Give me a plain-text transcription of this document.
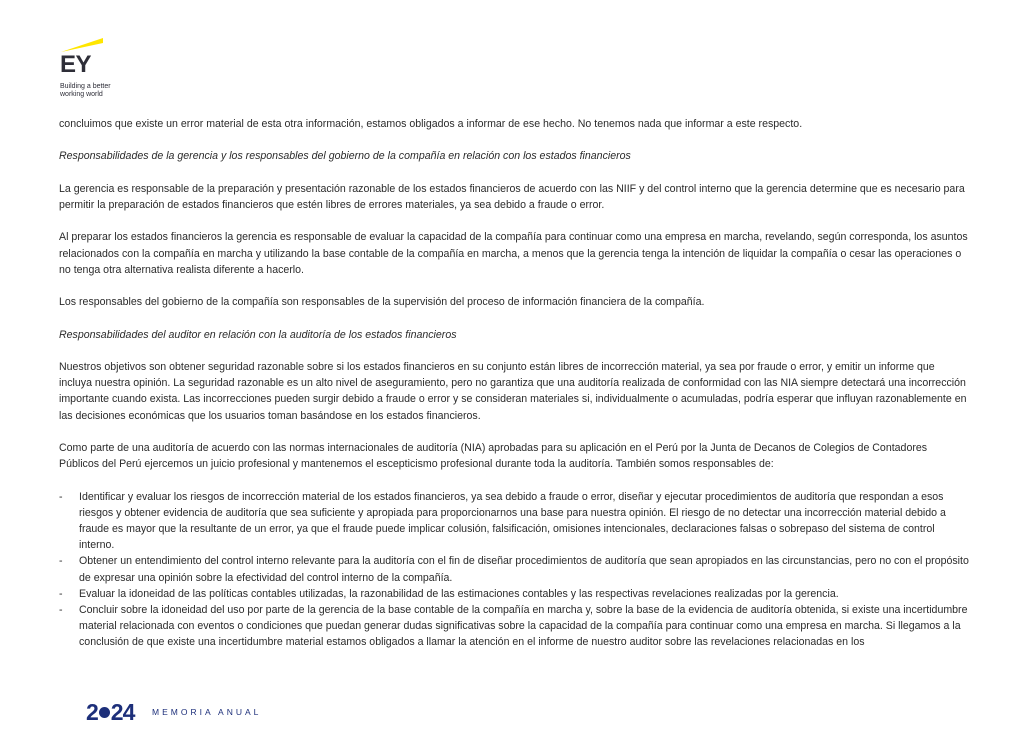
EY
Building a better
working world

concluimos que existe un error material de esta otra información, estamos obligados a informar de ese hecho. No tenemos nada que informar a este respecto.

Responsabilidades de la gerencia y los responsables del gobierno de la compañía en relación con los estados financieros

La gerencia es responsable de la preparación y presentación razonable de los estados financieros de acuerdo con las NIIF y del control interno que la gerencia determine que es necesario para permitir la preparación de estados financieros que estén libres de errores materiales, ya sea debido a fraude o error.

Al preparar los estados financieros la gerencia es responsable de evaluar la capacidad de la compañía para continuar como una empresa en marcha, revelando, según corresponda, los asuntos relacionados con la compañía en marcha y utilizando la base contable de la compañía en marcha, a menos que la gerencia tenga la intención de liquidar la compañía o cesar las operaciones o no tenga otra alternativa realista diferente a hacerlo.

Los responsables del gobierno de la compañía son responsables de la supervisión del proceso de información financiera de la compañía.

Responsabilidades del auditor en relación con la auditoría de los estados financieros

Nuestros objetivos son obtener seguridad razonable sobre si los estados financieros en su conjunto están libres de incorrección material, ya sea por fraude o error, y emitir un informe que incluya nuestra opinión. La seguridad razonable es un alto nivel de aseguramiento, pero no garantiza que una auditoría realizada de conformidad con las NIA siempre detectará una incorrección importante cuando exista. Las incorrecciones pueden surgir debido a fraude o error y se consideran materiales si, individualmente o acumuladas, podría esperar que influyan razonablemente en las decisiones económicas que los usuarios toman basándose en los estados financieros.

Como parte de una auditoría de acuerdo con las normas internacionales de auditoría (NIA) aprobadas para su aplicación en el Perú por la Junta de Decanos de Colegios de Contadores Públicos del Perú ejercemos un juicio profesional y mantenemos el escepticismo profesional durante toda la auditoría. También somos responsables de:

- Identificar y evaluar los riesgos de incorrección material de los estados financieros, ya sea debido a fraude o error, diseñar y ejecutar procedimientos de auditoría que respondan a esos riesgos y obtener evidencia de auditoría que sea suficiente y apropiada para proporcionarnos una base para nuestra opinión. El riesgo de no detectar una incorrección material debido a fraude es mayor que la resultante de un error, ya que el fraude puede implicar colusión, falsificación, omisiones intencionales, declaraciones falsas o sobrepaso del sistema de control interno.
- Obtener un entendimiento del control interno relevante para la auditoría con el fin de diseñar procedimientos de auditoría que sean apropiados en las circunstancias, pero no con el propósito de expresar una opinión sobre la efectividad del control interno de la compañía.
- Evaluar la idoneidad de las políticas contables utilizadas, la razonabilidad de las estimaciones contables y las respectivas revelaciones realizadas por la gerencia.
- Concluir sobre la idoneidad del uso por parte de la gerencia de la base contable de la compañía en marcha y, sobre la base de la evidencia de auditoría obtenida, si existe una incertidumbre material relacionada con eventos o condiciones que puedan generar dudas significativas sobre la capacidad de la compañía para continuar como una empresa en marcha. Si llegamos a la conclusión de que existe una incertidumbre material estamos obligados a llamar la atención en el informe de nuestro auditor sobre las revelaciones relacionadas en los
2 24 MEMORIA ANUAL
